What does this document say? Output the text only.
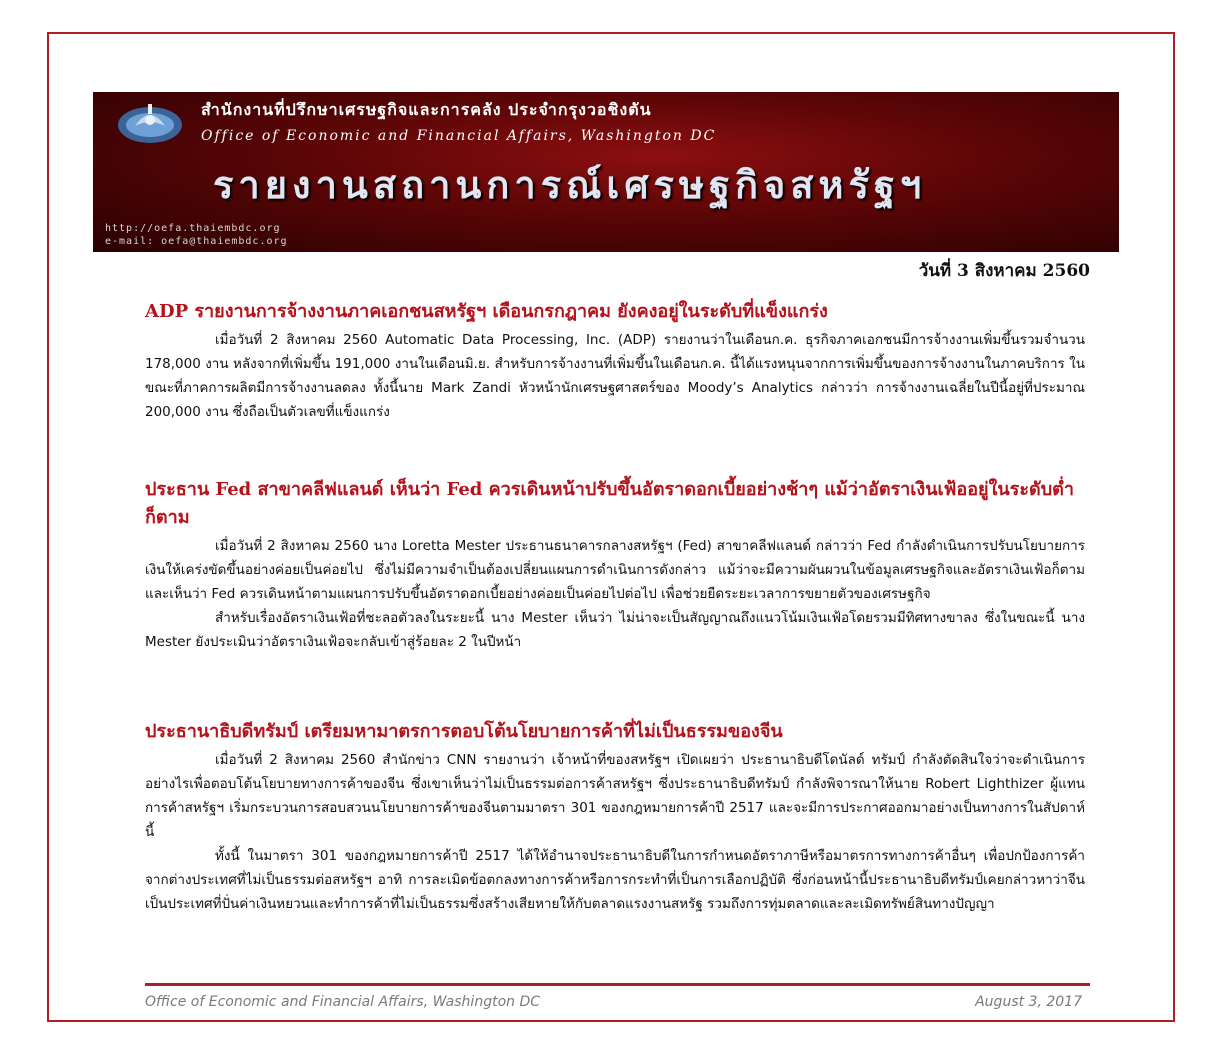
สำนักงานที่ปรึกษาเศรษฐกิจและการคลัง ประจำกรุงวอชิงตัน
Office of Economic and Financial Affairs, Washington DC
รายงานสถานการณ์เศรษฐกิจสหรัฐฯ
http://oefa.thaiembdc.org
e-mail: oefa@thaiembdc.org
วันที่ 3 สิงหาคม 2560
ADP รายงานการจ้างงานภาคเอกชนสหรัฐฯ เดือนกรกฎาคม ยังคงอยู่ในระดับที่แข็งแกร่ง

เมื่อวันที่ 2 สิงหาคม 2560 Automatic Data Processing, Inc. (ADP) รายงานว่าในเดือนก.ค. ธุรกิจภาคเอกชนมีการจ้างงานเพิ่มขึ้นรวมจำนวน 178,000 งาน หลังจากที่เพิ่มขึ้น 191,000 งานในเดือนมิ.ย. สำหรับการจ้างงานที่เพิ่มขึ้นในเดือนก.ค. นี้ได้แรงหนุนจากการเพิ่มขึ้นของการจ้างงานในภาคบริการ ในขณะที่ภาคการผลิตมีการจ้างงานลดลง ทั้งนี้นาย Mark Zandi หัวหน้านักเศรษฐศาสตร์ของ Moody’s Analytics กล่าวว่า การจ้างงานเฉลี่ยในปีนี้อยู่ที่ประมาณ 200,000 งาน ซึ่งถือเป็นตัวเลขที่แข็งแกร่ง

ประธาน Fed สาขาคลีฟแลนด์ เห็นว่า Fed ควรเดินหน้าปรับขึ้นอัตราดอกเบี้ยอย่างช้าๆ แม้ว่าอัตราเงินเฟ้ออยู่ในระดับต่ำก็ตาม

เมื่อวันที่ 2 สิงหาคม 2560 นาง Loretta Mester ประธานธนาคารกลางสหรัฐฯ (Fed) สาขาคลีฟแลนด์ กล่าวว่า Fed กำลังดำเนินการปรับนโยบายการเงินให้เคร่งขัดขึ้นอย่างค่อยเป็นค่อยไป ซึ่งไม่มีความจำเป็นต้องเปลี่ยนแผนการดำเนินการดังกล่าว แม้ว่าจะมีความผันผวนในข้อมูลเศรษฐกิจและอัตราเงินเฟ้อก็ตาม และเห็นว่า Fed ควรเดินหน้าตามแผนการปรับขึ้นอัตราดอกเบี้ยอย่างค่อยเป็นค่อยไปต่อไป เพื่อช่วยยืดระยะเวลาการขยายตัวของเศรษฐกิจ

สำหรับเรื่องอัตราเงินเฟ้อที่ชะลอตัวลงในระยะนี้ นาง Mester เห็นว่า ไม่น่าจะเป็นสัญญาณถึงแนวโน้มเงินเฟ้อโดยรวมมีทิศทางขาลง ซึ่งในขณะนี้ นาง Mester ยังประเมินว่าอัตราเงินเฟ้อจะกลับเข้าสู่ร้อยละ 2 ในปีหน้า

ประธานาธิบดีทรัมป์ เตรียมหามาตรการตอบโต้นโยบายการค้าที่ไม่เป็นธรรมของจีน

เมื่อวันที่ 2 สิงหาคม 2560 สำนักข่าว CNN รายงานว่า เจ้าหน้าที่ของสหรัฐฯ เปิดเผยว่า ประธานาธิบดีโดนัลด์ ทรัมป์ กำลังตัดสินใจว่าจะดำเนินการอย่างไรเพื่อตอบโต้นโยบายทางการค้าของจีน ซึ่งเขาเห็นว่าไม่เป็นธรรมต่อการค้าสหรัฐฯ ซึ่งประธานาธิบดีทรัมป์ กำลังพิจารณาให้นาย Robert Lighthizer ผู้แทนการค้าสหรัฐฯ เริ่มกระบวนการสอบสวนนโยบายการค้าของจีนตามมาตรา 301 ของกฎหมายการค้าปี 2517 และจะมีการประกาศออกมาอย่างเป็นทางการในสัปดาห์นี้

ทั้งนี้ ในมาตรา 301 ของกฎหมายการค้าปี 2517 ได้ให้อำนาจประธานาธิบดีในการกำหนดอัตราภาษีหรือมาตรการทางการค้าอื่นๆ เพื่อปกป้องการค้าจากต่างประเทศที่ไม่เป็นธรรมต่อสหรัฐฯ อาทิ การละเมิดข้อตกลงทางการค้าหรือการกระทำที่เป็นการเลือกปฏิบัติ ซึ่งก่อนหน้านี้ประธานาธิบดีทรัมป์เคยกล่าวหาว่าจีนเป็นประเทศที่ปั่นค่าเงินหยวนและทำการค้าที่ไม่เป็นธรรมซึ่งสร้างเสียหายให้กับตลาดแรงงานสหรัฐ รวมถึงการทุ่มตลาดและละเมิดทรัพย์สินทางปัญญา

Office of Economic and Financial Affairs, Washington DC	August 3, 2017
